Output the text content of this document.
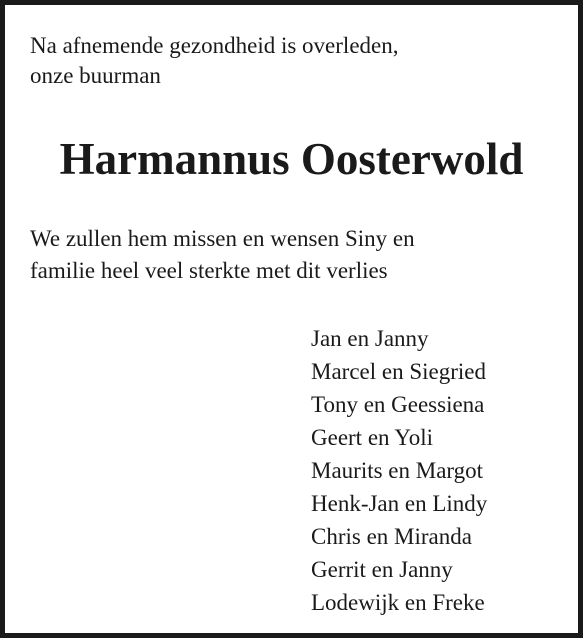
Na afnemende gezondheid is overleden,
onze buurman

Harmannus Oosterwold

We zullen hem missen en wensen Siny en
familie heel veel sterkte met dit verlies

Jan en Janny
Marcel en Siegried
Tony en Geessiena
Geert en Yoli
Maurits en Margot
Henk-Jan en Lindy
Chris en Miranda
Gerrit en Janny
Lodewijk en Freke
